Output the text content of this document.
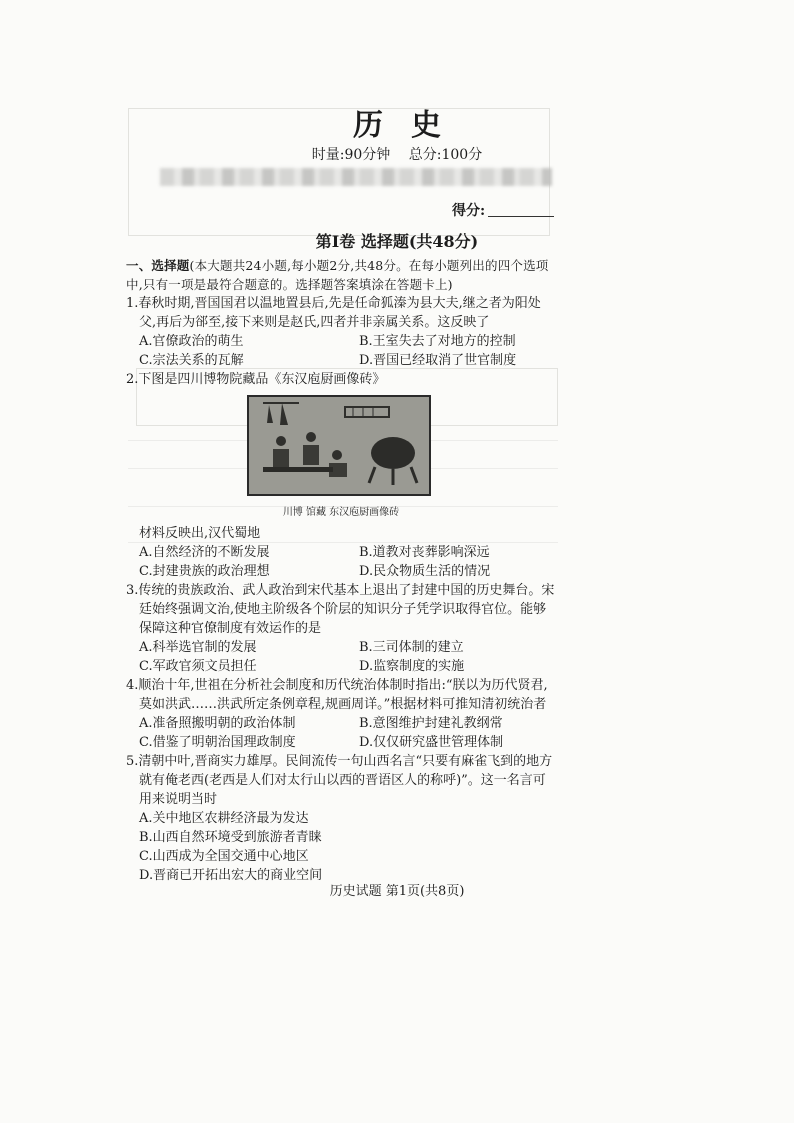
历史
时量:90分钟 总分:100分
得分:
第Ⅰ卷 选择题(共48分)

一、选择题(本大题共24小题,每小题2分,共48分。在每小题列出的四个选项中,只有一项是最符合题意的。选择题答案填涂在答题卡上)

1.春秋时期,晋国国君以温地置县后,先是任命狐溱为县大夫,继之者为阳处父,再后为郤至,接下来则是赵氏,四者并非亲属关系。这反映了

A.官僚政治的萌生	B.王室失去了对地方的控制
C.宗法关系的瓦解	D.晋国已经取消了世官制度

2.下图是四川博物院藏品《东汉庖厨画像砖》

川博 馆藏 东汉庖厨画像砖

材料反映出,汉代蜀地

A.自然经济的不断发展	B.道教对丧葬影响深远
C.封建贵族的政治理想	D.民众物质生活的情况

3.传统的贵族政治、武人政治到宋代基本上退出了封建中国的历史舞台。宋廷始终强调文治,使地主阶级各个阶层的知识分子凭学识取得官位。能够保障这种官僚制度有效运作的是

A.科举选官制的发展	B.三司体制的建立
C.军政官须文员担任	D.监察制度的实施

4.顺治十年,世祖在分析社会制度和历代统治体制时指出:“朕以为历代贤君,莫如洪武……洪武所定条例章程,规画周详。”根据材料可推知清初统治者

A.准备照搬明朝的政治体制	B.意图维护封建礼教纲常
C.借鉴了明朝治国理政制度	D.仅仅研究盛世管理体制

5.清朝中叶,晋商实力雄厚。民间流传一句山西名言“只要有麻雀飞到的地方就有俺老西(老西是人们对太行山以西的晋语区人的称呼)”。这一名言可用来说明当时

A.关中地区农耕经济最为发达
B.山西自然环境受到旅游者青睐
C.山西成为全国交通中心地区
D.晋商已开拓出宏大的商业空间
历史试题 第1页(共8页)
